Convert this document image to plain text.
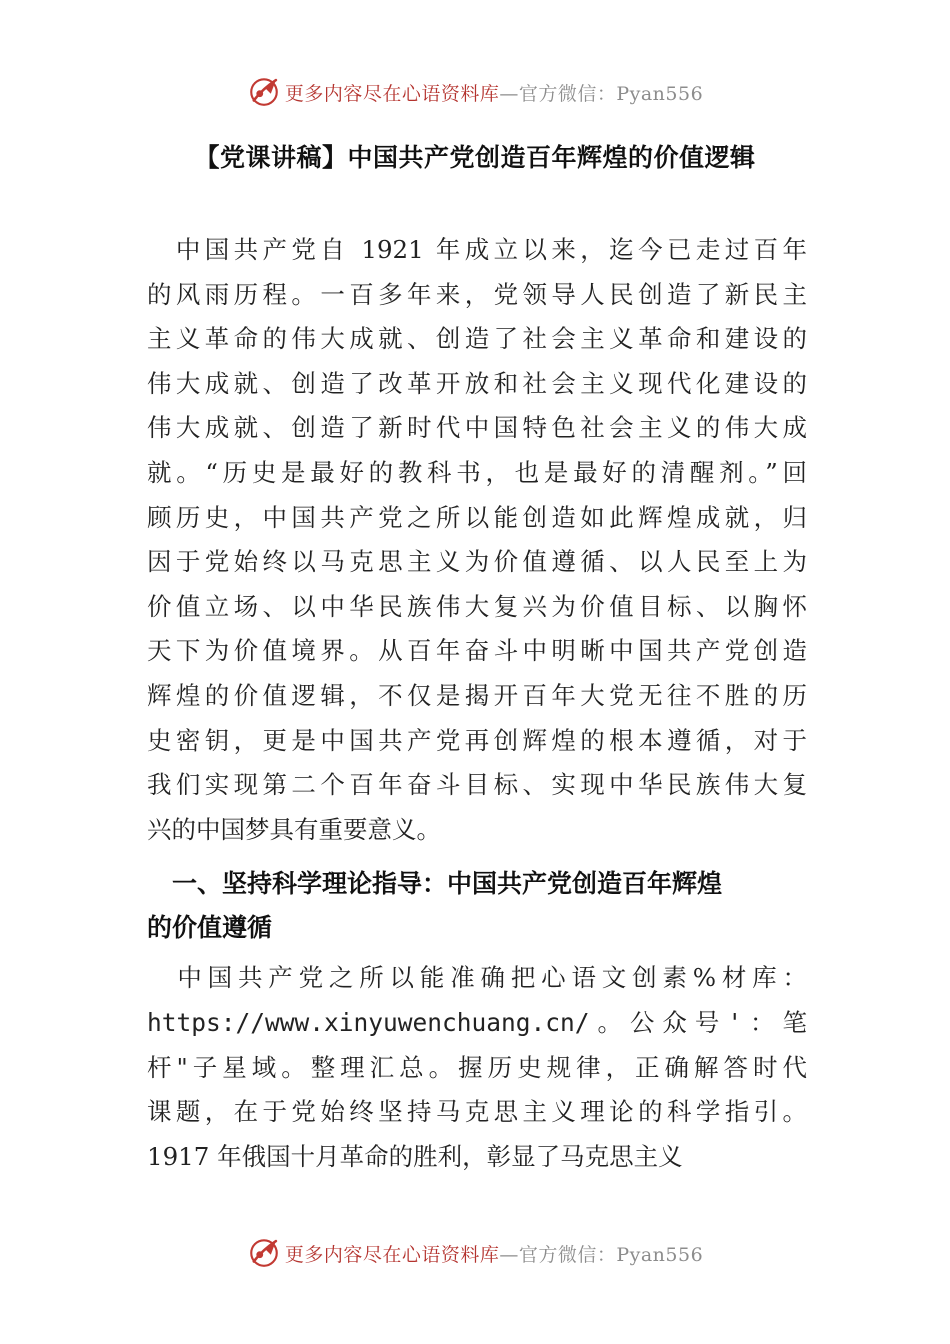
更多内容尽在心语资料库—官方微信：Pyan556
【党课讲稿】中国共产党创造百年辉煌的价值逻辑
　中国共产党自 1921 年成立以来，迄今已走过百年
的风雨历程。一百多年来，党领导人民创造了新民主
主义革命的伟大成就、创造了社会主义革命和建设的
伟大成就、创造了改革开放和社会主义现代化建设的
伟大成就、创造了新时代中国特色社会主义的伟大成
就。“历史是最好的教科书，也是最好的清醒剂。”回
顾历史，中国共产党之所以能创造如此辉煌成就，归
因于党始终以马克思主义为价值遵循、以人民至上为
价值立场、以中华民族伟大复兴为价值目标、以胸怀
天下为价值境界。从百年奋斗中明晰中国共产党创造
辉煌的价值逻辑，不仅是揭开百年大党无往不胜的历
史密钥，更是中国共产党再创辉煌的根本遵循，对于
我们实现第二个百年奋斗目标、实现中华民族伟大复
兴的中国梦具有重要意义。
　一、坚持科学理论指导：中国共产党创造百年辉煌
的价值遵循
　中国共产党之所以能准确把心语文创素%材库：
https://www.xinyuwenchuang.cn/。公众号'：笔
杆"子星域。整理汇总。握历史规律，正确解答时代
课题，在于党始终坚持马克思主义理论的科学指引。
1917 年俄国十月革命的胜利，彰显了马克思主义
更多内容尽在心语资料库—官方微信：Pyan556
